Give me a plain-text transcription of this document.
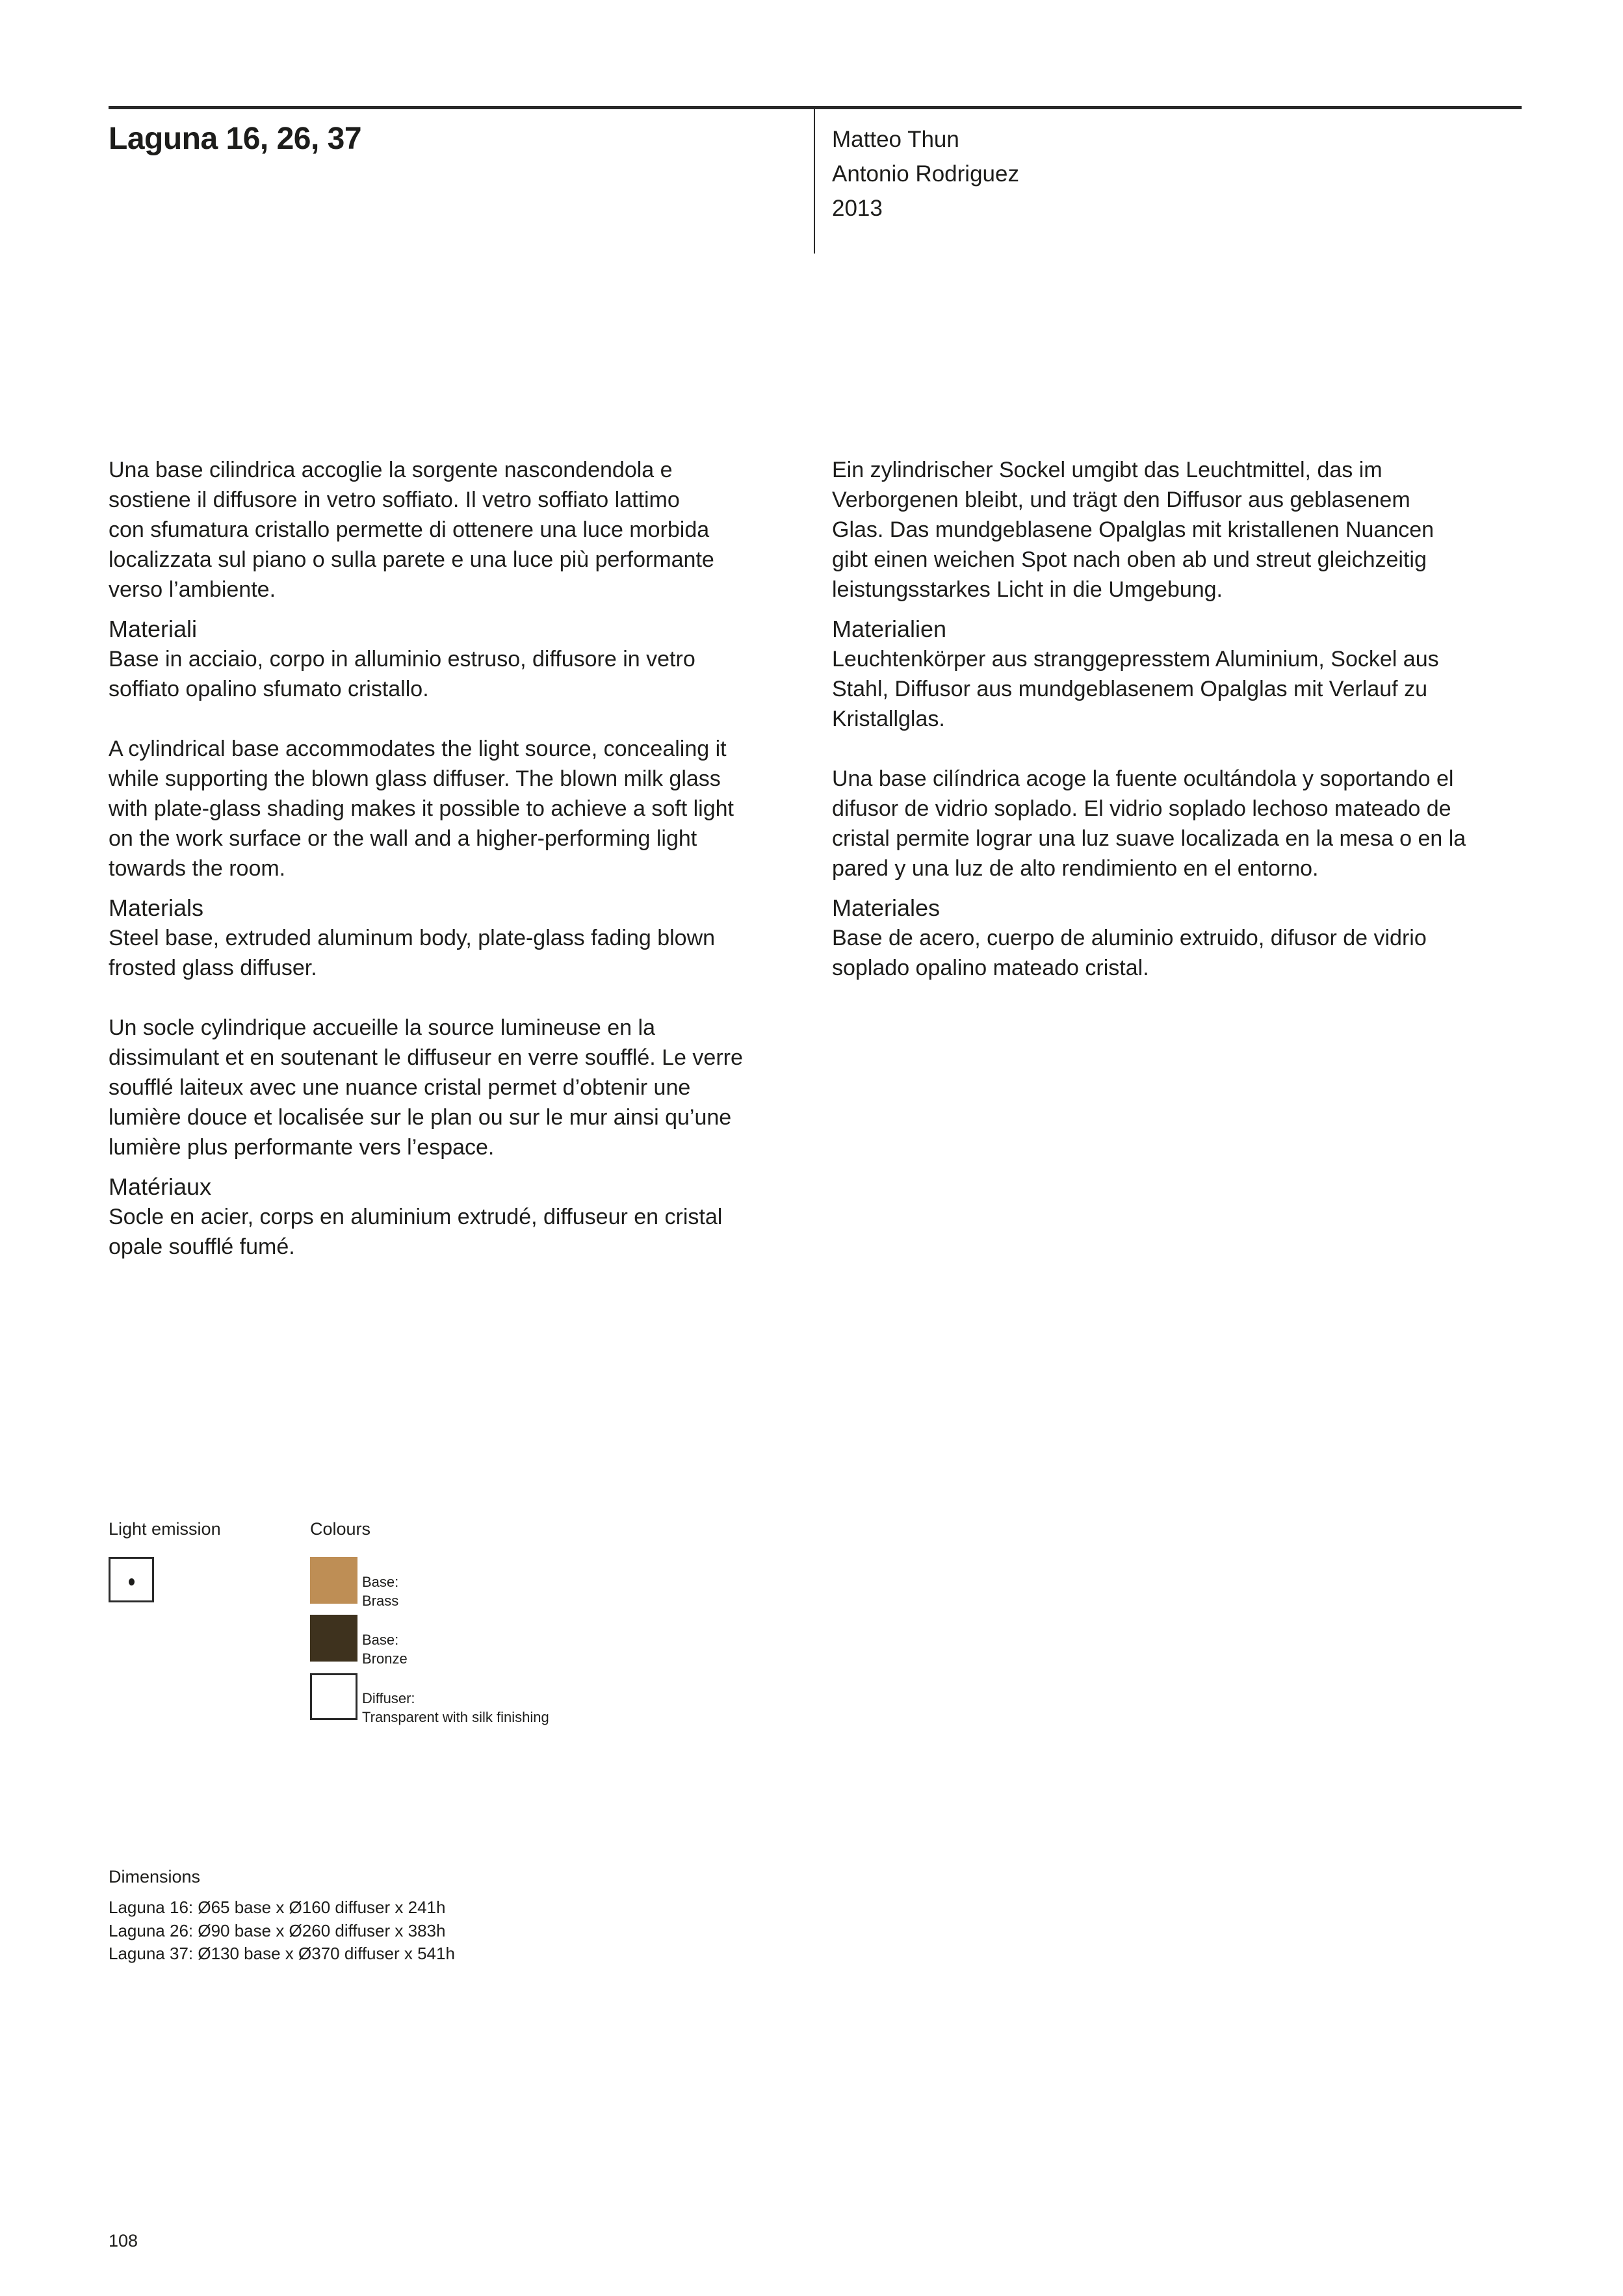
Laguna 16, 26, 37	Matteo Thun
Antonio Rodriguez
2013
Una base cilindrica accoglie la sorgente nascondendola e
sostiene il diffusore in vetro soffiato. Il vetro soffiato lattimo
con sfumatura cristallo permette di ottenere una luce morbida
localizzata sul piano o sulla parete e una luce più performante
verso l’ambiente.
Materiali
Base in acciaio, corpo in alluminio estruso, diffusore in vetro
soffiato opalino sfumato cristallo.
A cylindrical base accommodates the light source, concealing it
while supporting the blown glass diffuser. The blown milk glass
with plate-glass shading makes it possible to achieve a soft light
on the work surface or the wall and a higher-performing light
towards the room.
Materials
Steel base, extruded aluminum body, plate-glass fading blown
frosted glass diffuser.
Un socle cylindrique accueille la source lumineuse en la
dissimulant et en soutenant le diffuseur en verre soufflé. Le verre
soufflé laiteux avec une nuance cristal permet d’obtenir une
lumière douce et localisée sur le plan ou sur le mur ainsi qu’une
lumière plus performante vers l’espace.
Matériaux
Socle en acier, corps en aluminium extrudé, diffuseur en cristal
opale soufflé fumé.
Ein zylindrischer Sockel umgibt das Leuchtmittel, das im
Verborgenen bleibt, und trägt den Diffusor aus geblasenem
Glas. Das mundgeblasene Opalglas mit kristallenen Nuancen
gibt einen weichen Spot nach oben ab und streut gleichzeitig
leistungsstarkes Licht in die Umgebung.
Materialien
Leuchtenkörper aus stranggepresstem Aluminium, Sockel aus
Stahl, Diffusor aus mundgeblasenem Opalglas mit Verlauf zu
Kristallglas.
Una base cilíndrica acoge la fuente ocultándola y soportando el
difusor de vidrio soplado. El vidrio soplado lechoso mateado de
cristal permite lograr una luz suave localizada en la mesa o en la
pared y una luz de alto rendimiento en el entorno.
Materiales
Base de acero, cuerpo de aluminio extruido, difusor de vidrio
soplado opalino mateado cristal.
Light emission	Colours
Base:
Brass
Base:
Bronze
Diffuser:
Transparent with silk finishing
Dimensions
Laguna 16: Ø65 base x Ø160 diffuser x 241h
Laguna 26: Ø90 base x Ø260 diffuser x 383h
Laguna 37: Ø130 base x Ø370 diffuser x 541h
108
